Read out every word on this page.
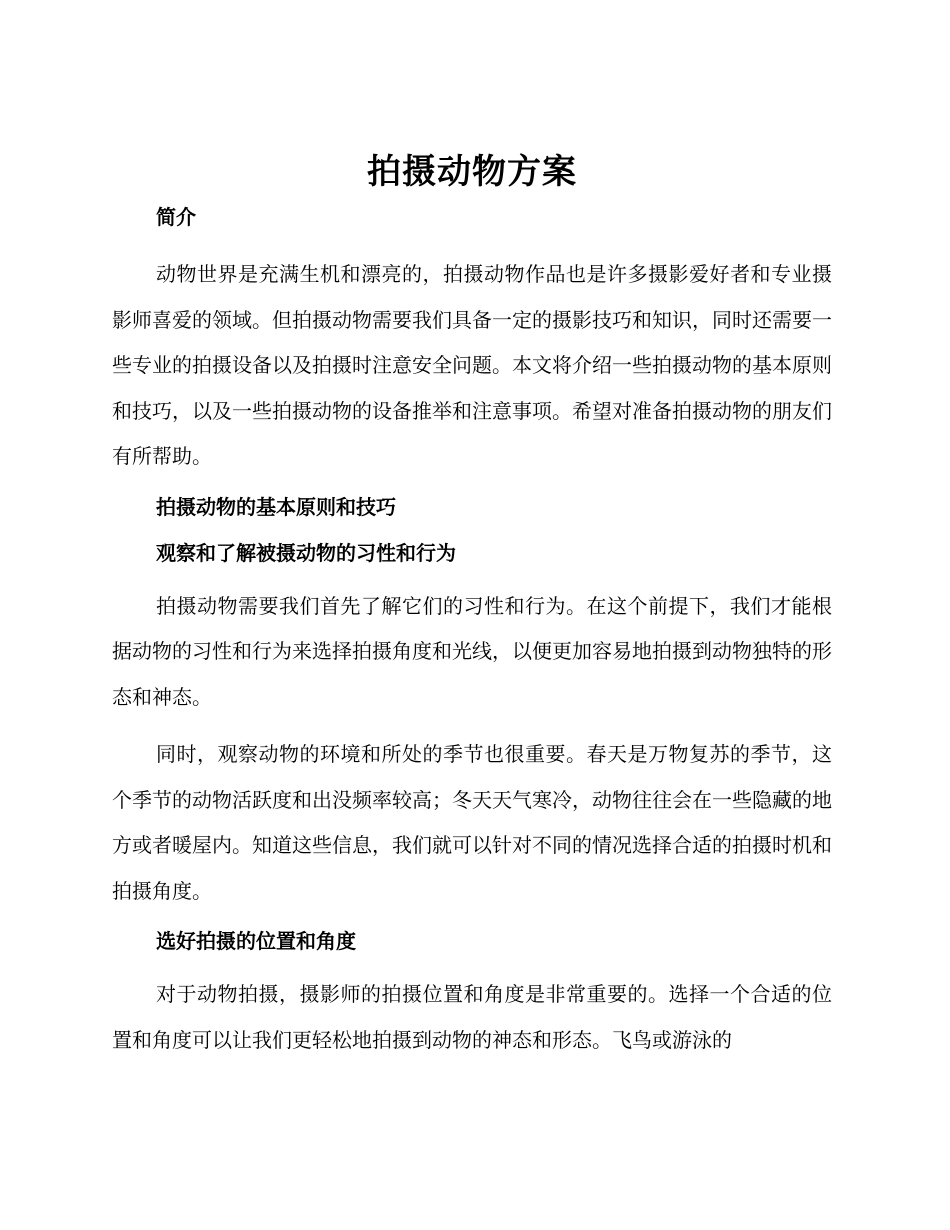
拍摄动物方案
简介

动物世界是充满生机和漂亮的，拍摄动物作品也是许多摄影爱好者和专业摄影师喜爱的领域。但拍摄动物需要我们具备一定的摄影技巧和知识，同时还需要一些专业的拍摄设备以及拍摄时注意安全问题。本文将介绍一些拍摄动物的基本原则和技巧，以及一些拍摄动物的设备推举和注意事项。希望对准备拍摄动物的朋友们有所帮助。

拍摄动物的基本原则和技巧
观察和了解被摄动物的习性和行为

拍摄动物需要我们首先了解它们的习性和行为。在这个前提下，我们才能根据动物的习性和行为来选择拍摄角度和光线，以便更加容易地拍摄到动物独特的形态和神态。

同时，观察动物的环境和所处的季节也很重要。春天是万物复苏的季节，这个季节的动物活跃度和出没频率较高；冬天天气寒冷，动物往往会在一些隐藏的地方或者暖屋内。知道这些信息，我们就可以针对不同的情况选择合适的拍摄时机和拍摄角度。

选好拍摄的位置和角度

对于动物拍摄，摄影师的拍摄位置和角度是非常重要的。选择一个合适的位置和角度可以让我们更轻松地拍摄到动物的神态和形态。飞鸟或游泳的
